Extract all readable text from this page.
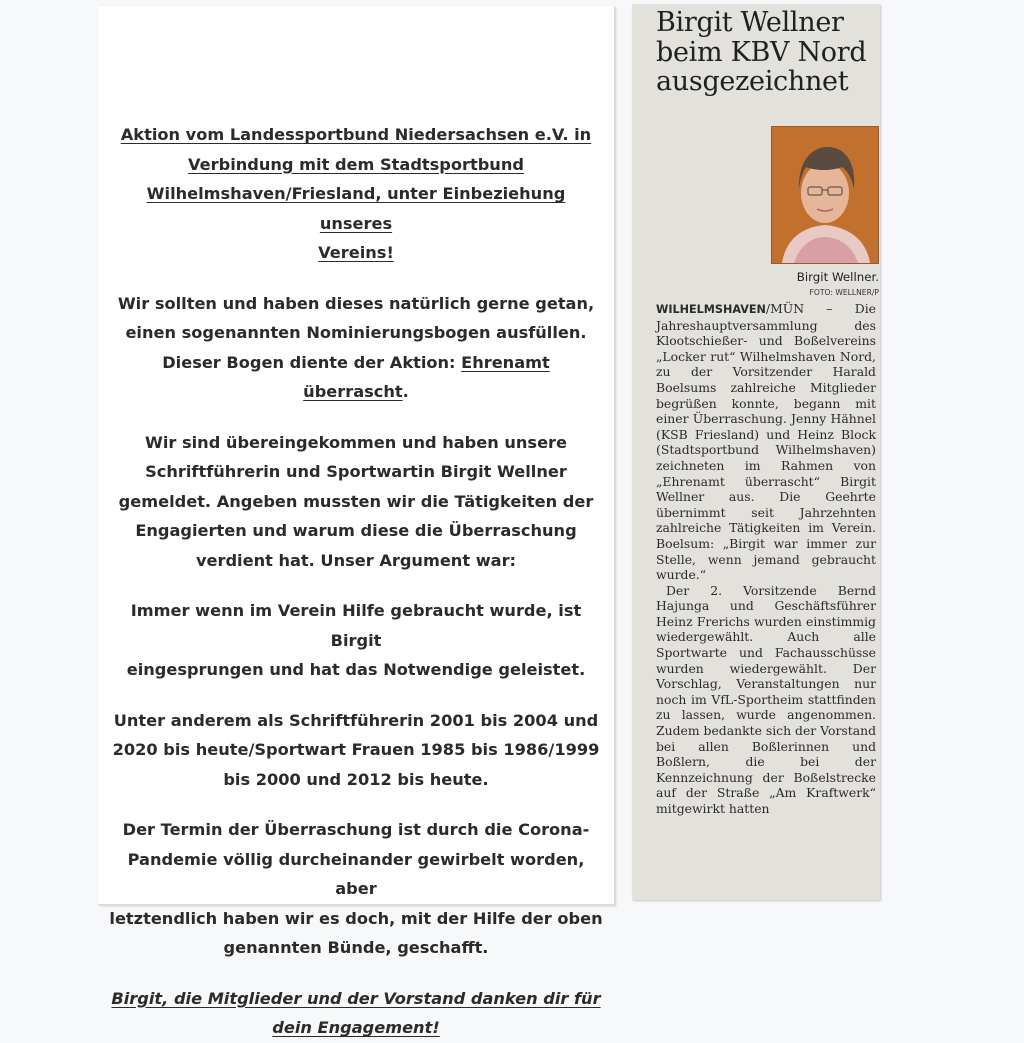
Aktion vom Landessportbund Niedersachsen e.V. in

Verbindung mit dem Stadtsportbund

Wilhelmshaven/Friesland, unter Einbeziehung unseres

Vereins!

Wir sollten und haben dieses natürlich gerne getan,

einen sogenannten Nominierungsbogen ausfüllen.

Dieser Bogen diente der Aktion: Ehrenamt überrascht.

Wir sind übereingekommen und haben unsere

Schriftführerin und Sportwartin Birgit Wellner

gemeldet. Angeben mussten wir die Tätigkeiten der

Engagierten und warum diese die Überraschung

verdient hat. Unser Argument war:

Immer wenn im Verein Hilfe gebraucht wurde, ist Birgit

eingesprungen und hat das Notwendige geleistet.

Unter anderem als Schriftführerin 2001 bis 2004 und

2020 bis heute/Sportwart Frauen 1985 bis 1986/1999

bis 2000 und 2012 bis heute.

Der Termin der Überraschung ist durch die Corona-

Pandemie völlig durcheinander gewirbelt worden, aber

letztendlich haben wir es doch, mit der Hilfe der oben

genannten Bünde, geschafft.

Birgit, die Mitglieder und der Vorstand danken dir für

dein Engagement!

Birgit Wellner
beim KBV Nord
ausgezeichnet

Birgit Wellner.
FOTO: WELLNER/P
WILHELMSHAVEN/MÜN – Die Jahreshauptversammlung des Klootschießer- und Boßelvereins „Locker rut“ Wilhelmshaven Nord, zu der Vorsitzender Harald Boelsums zahlreiche Mitglieder begrüßen konnte, begann mit einer Überraschung. Jenny Hähnel (KSB Friesland) und Heinz Block (Stadtsportbund Wilhelmshaven) zeichneten im Rahmen von „Ehrenamt überrascht“ Birgit Wellner aus. Die Geehrte übernimmt seit Jahrzehnten zahlreiche Tätigkeiten im Verein. Boelsum: „Birgit war immer zur Stelle, wenn jemand gebraucht wurde.“

Der 2. Vorsitzende Bernd Hajunga und Geschäftsführer Heinz Frerichs wurden einstimmig wiedergewählt. Auch alle Sportwarte und Fachausschüsse wurden wiedergewählt. Der Vorschlag, Veranstaltungen nur noch im VfL-Sportheim stattfinden zu lassen, wurde angenommen. Zudem bedankte sich der Vorstand bei allen Boßlerinnen und Boßlern, die bei der Kennzeichnung der Boßelstrecke auf der Straße „Am Kraftwerk“ mitgewirkt hatten
